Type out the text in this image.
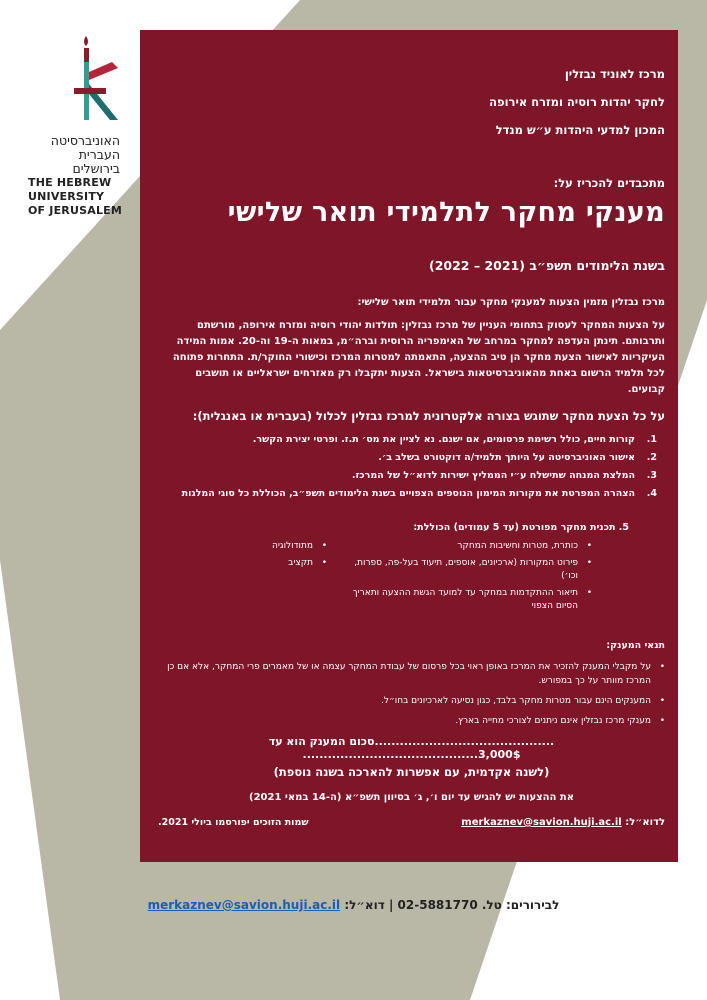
האוניברסיטה
העברית
בירושלים
THE HEBREW
UNIVERSITY
OF JERUSALEM
מרכז לאוניד נבזלין
לחקר יהדות רוסיה ומזרח אירופה
המכון למדעי היהדות ע״ש מנדל
מתכבדים להכריז על:
מענקי מחקר לתלמידי תואר שלישי
בשנת הלימודים תשפ״ב (2021 – 2022)
מרכז נבזלין מזמין הצעות למענקי מחקר עבור תלמידי תואר שלישי:
על הצעות המחקר לעסוק בתחומי העניין של מרכז נבזלין: תולדות יהודי רוסיה ומזרח אירופה, מורשתם ותרבותם. תינתן העדפה למחקר במרחב של האימפריה הרוסית וברה״מ, במאות ה-19 וה-20. אמות המידה העיקריות לאישור הצעת מחקר הן טיב ההצעה, התאמתה למטרות המרכז וכישורי החוקר/ת. התחרות פתוחה לכל תלמיד הרשום באחת מהאוניברסיטאות בישראל. הצעות יתקבלו רק מאזרחים ישראליים או תושבים קבועים.
על כל הצעת מחקר שתוגש בצורה אלקטרונית למרכז נבזלין לכלול (בעברית או באנגלית):
קורות חיים, כולל רשימת פרסומים, אם ישנם. נא לציין את מס׳ ת.ז. ופרטי יצירת הקשר.
אישור האוניברסיטה על היותך תלמיד/ה דוקטורט בשלב ב׳.
המלצת המנחה שתישלח ע״י הממליץ ישירות לדוא״ל של המרכז.
הצהרה המפרטת את מקורות המימון הנוספים הצפויים בשנת הלימודים תשפ״ב, הכוללת כל סוגי המלגות
5. תכנית מחקר מפורטת (עד 5 עמודים) הכוללת:
• כותרת, מטרות וחשיבות המחקר
• פירוט המקורות (ארכיונים, אוספים, תיעוד בעל-פה, ספרות, וכו׳)
• תיאור ההתקדמות במחקר עד למועד הגשת ההצעה ותאריך הסיום הצפוי
• מתודולוגיה
• תקציב
תנאי המענק:
• על מקבלי המענק להזכיר את המרכז באופן ראוי בכל פרסום של עבודת המחקר עצמה או של מאמרים פרי המחקר, אלא אם כן המרכז מוותר על כך במפורש.
• המענקים הינם עבור מטרות מחקר בלבד, כגון נסיעה לארכיונים בחו״ל.
• מענקי מרכז נבזלין אינם ניתנים לצורכי מחייה בארץ.
...........................................סכום המענק הוא עד 3,000$..........................................
(לשנה אקדמית, עם אפשרות להארכה בשנה נוספת)
את ההצעות יש להגיש עד יום ו׳, ג׳ בסיוון תשפ״א (ה-14 במאי 2021)
לדוא״ל: merkaznev@savion.huji.ac.il
שמות הזוכים יפורסמו ביולי 2021.
לבירורים: טל. 02-5881770 | דוא״ל: merkaznev@savion.huji.ac.il
